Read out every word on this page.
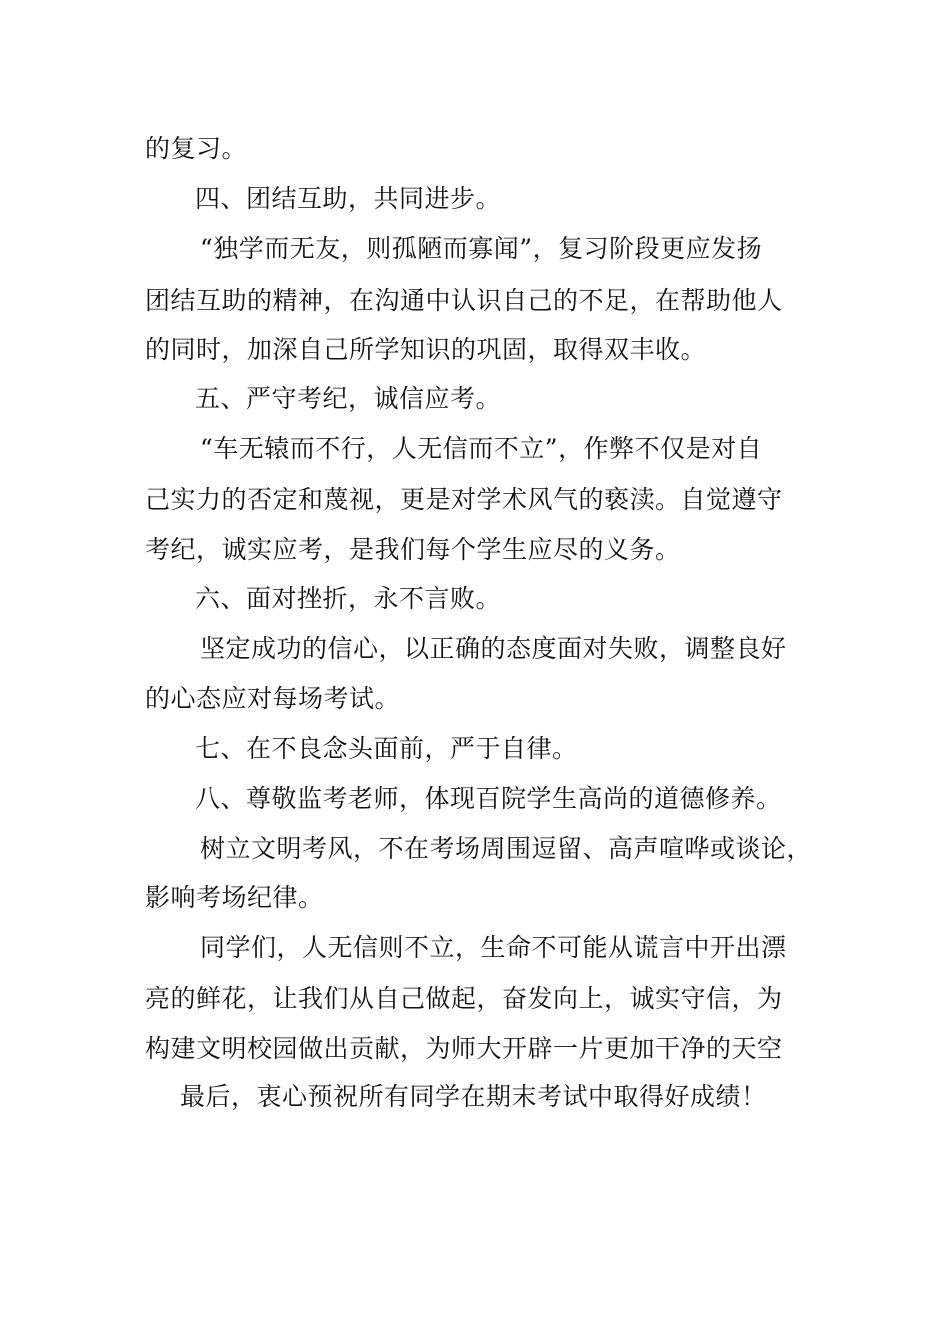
的复习。
四、团结互助，共同进步。
“独学而无友，则孤陋而寡闻”，复习阶段更应发扬
团结互助的精神，在沟通中认识自己的不足，在帮助他人
的同时，加深自己所学知识的巩固，取得双丰收。
五、严守考纪，诚信应考。
“车无辕而不行，人无信而不立”，作弊不仅是对自
己实力的否定和蔑视，更是对学术风气的亵渎。自觉遵守
考纪，诚实应考，是我们每个学生应尽的义务。
六、面对挫折，永不言败。
坚定成功的信心，以正确的态度面对失败，调整良好
的心态应对每场考试。
七、在不良念头面前，严于自律。
八、尊敬监考老师，体现百院学生高尚的道德修养。
树立文明考风，不在考场周围逗留、高声喧哗或谈论，
影响考场纪律。
同学们，人无信则不立，生命不可能从谎言中开出漂
亮的鲜花，让我们从自己做起，奋发向上，诚实守信，为
构建文明校园做出贡献，为师大开辟一片更加干净的天空
最后，衷心预祝所有同学在期末考试中取得好成绩！
